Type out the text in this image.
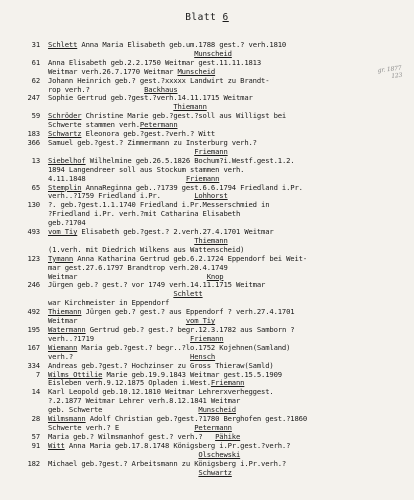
Blatt 6
gr. 1877
123
31	Schlett Anna Maria Elisabeth geb.um.1788 gest.? verh.1810
Munscheid
61	Anna Elisabeth geb.2.2.1750 Weitmar gest.11.11.1813
Weitmar verh.26.7.1770 Weitmar Munscheid
62	Johann Heinrich geb.? gest.?xxxxx Landwirt zu Brandt-
rop verh.?             Backhaus
247	Sophie Gertrud geb.?gest.?verh.14.11.1715 Weitmar
Thiemann
59	Schröder Christine Marie geb.?gest.?soll aus Willigst bei
Schwerte stammen verh.Petermann
183	Schwartz Eleonora geb.?gest.?verh.? Witt
366	Samuel geb.?gest.? Zimmermann zu Insterburg verh.?
Friemann
13	Siebelhof Wilhelmine geb.26.5.1826 Bochum?i.Westf.gest.1.2.
1894 Langendreer soll aus Stockum stammen verh.
4.11.1848                        Friemann
65	Stemplin AnnaReginna geb..?1739 gest.6.6.1794 Friedland i.Pr.
verh..?1759 Friedland i.Pr.        Lohhorst
130	?. geb.?gest.1.1.1740 Friedland i.Pr.Messerschmied in
?Friedland i.Pr. verh.?mit Catharina Elisabeth
geb.?1704
493	vom Tiy Elisabeth geb.?gest.? 2.verh.27.4.1701 Weitmar
Thiemann
(1.verh. mit Diedrich Wilkens aus Wattenscheid)
123	Tymann Anna Katharina Gertrud geb.6.2.1724 Eppendorf bei Weit-
mar gest.27.6.1797 Brandtrop verh.20.4.1749
Weitmar                               Knop
246	Jürgen geb.? gest.? vor 1749 verh.14.11.1715 Weitmar
Schlett
war Kirchmeister in Eppendorf
492	Thiemann Jürgen geb.? gest.? aus Eppendorf ? verh.27.4.1701
Weitmar                          vom Tiy
195	Watermann Gertrud geb.? gest.? begr.12.3.1782 aus Samborn ?
verh..?1719                       Friemann
167	Wiemann Maria geb.?gest.? begr..?lo.1752 Kojehnen(Samland)
verh.?                            Hensch
334	Andreas geb.?gest.? Hochzinser zu Gross Thieraw(Samld)
7	Wilms Ottilie Marie geb.19.9.1843 Weitmar gest.15.5.1909
Eisleben verh.9.12.1875 Opladen i.West.Friemann
14	Karl Leopold geb.10.12.1810 Weitmar Lehrerxverheggest.
?.2.1877 Weitmar Lehrer verh.8.12.1841 Weitmar
geb. Schwerte                       Munscheid
28	Wilmsmann Adolf Christian geb.?gest.?1780 Berghofen gest.?1860
Schwerte verh.? E                  Petermann
57	Maria geb.? Wilmsmanhof gest.? verh.?   Pähike
91	Witt Anna Maria geb.17.8.1748 Königsberg i.Pr.gest.?verh.?
Olschewski
182	Michael geb.?gest.? Arbeitsmann zu Königsberg i.Pr.verh.?
Schwartz
